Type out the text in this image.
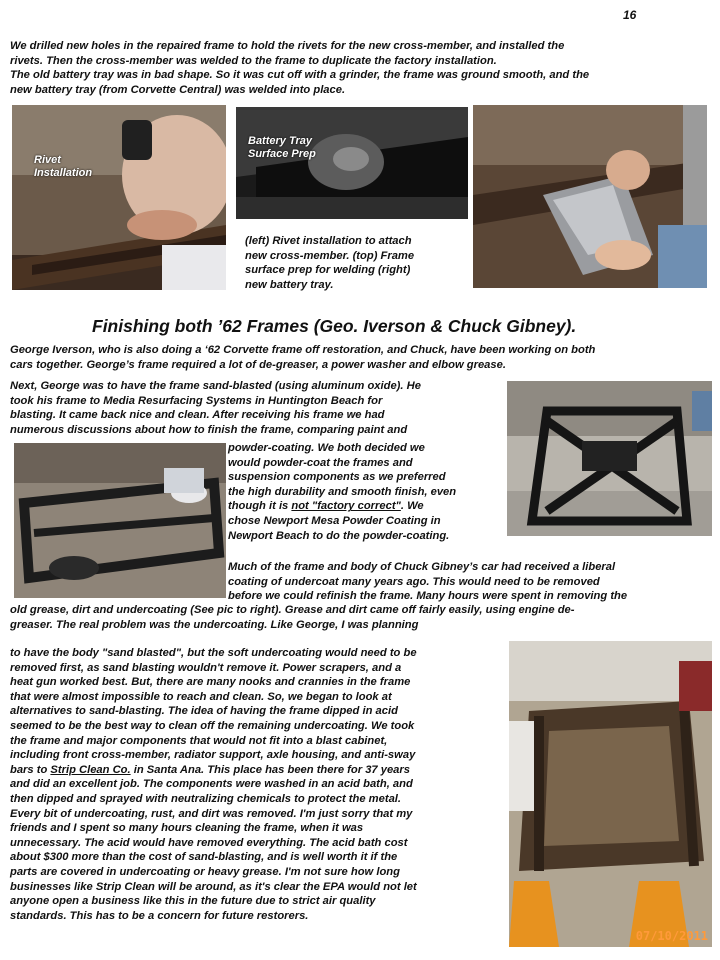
16

We drilled new holes in the repaired frame to hold the rivets for the new cross-member, and installed the
rivets. Then the cross-member was welded to the frame to duplicate the factory installation.
The old battery tray was in bad shape. So it was cut off with a grinder, the frame was ground smooth, and the
new battery tray (from Corvette Central) was welded into place.

Rivet
Installation
Battery Tray
Surface Prep

(left) Rivet installation to attach
new cross-member. (top) Frame
surface prep for welding (right)
new battery tray.

Finishing both ’62 Frames (Geo. Iverson & Chuck Gibney).

George Iverson, who is also doing a ‘62 Corvette frame off restoration, and Chuck, have been working on both
cars together. George’s frame required a lot of de-greaser, a power washer and elbow grease.

Next, George was to have the frame sand-blasted (using aluminum oxide). He
took his frame to Media Resurfacing Systems in Huntington Beach for
blasting. It came back nice and clean. After receiving his frame we had
numerous discussions about how to finish the frame, comparing paint and

powder-coating. We both decided we
would powder-coat the frames and
suspension components as we preferred
the high durability and smooth finish, even
though it is not "factory correct". We
chose Newport Mesa Powder Coating in
Newport Beach to do the powder-coating.

Much of the frame and body of Chuck Gibney’s car had received a liberal
coating of undercoat many years ago. This would need to be removed
before we could refinish the frame. Many hours were spent in removing the

old grease, dirt and undercoating (See pic to right). Grease and dirt came off fairly easily, using engine de-
greaser. The real problem was the undercoating. Like George, I was planning

to have the body "sand blasted", but the soft undercoating would need to be
removed first, as sand blasting wouldn't remove it. Power scrapers, and a
heat gun worked best. But, there are many nooks and crannies in the frame
that were almost impossible to reach and clean. So, we began to look at
alternatives to sand-blasting. The idea of having the frame dipped in acid
seemed to be the best way to clean off the remaining undercoating. We took
the frame and major components that would not fit into a blast cabinet,
including front cross-member, radiator support, axle housing, and anti-sway
bars to Strip Clean Co. in Santa Ana. This place has been there for 37 years
and did an excellent job. The components were washed in an acid bath, and
then dipped and sprayed with neutralizing chemicals to protect the metal.
Every bit of undercoating, rust, and dirt was removed. I'm just sorry that my
friends and I spent so many hours cleaning the frame, when it was
unnecessary. The acid would have removed everything. The acid bath cost
about $300 more than the cost of sand-blasting, and is well worth it if the
parts are covered in undercoating or heavy grease. I'm not sure how long
businesses like Strip Clean will be around, as it's clear the EPA would not let
anyone open a business like this in the future due to strict air quality
standards. This has to be a concern for future restorers.

07/10/2011
